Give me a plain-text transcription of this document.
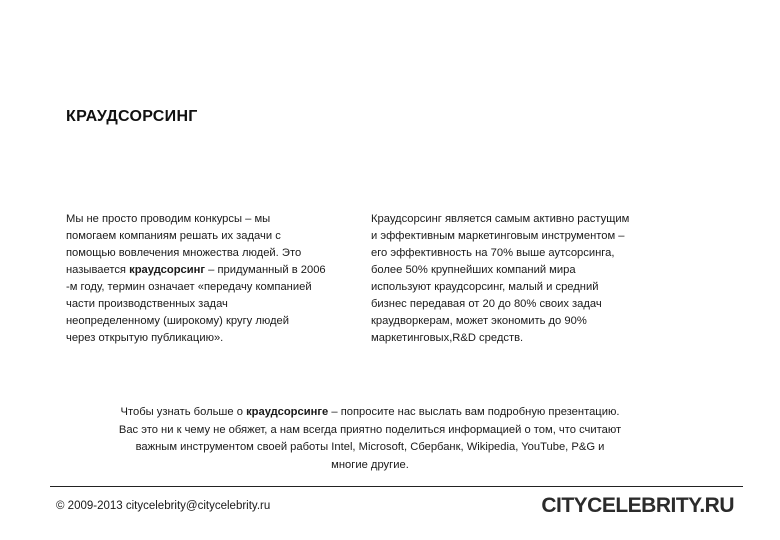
КРАУДСОРСИНГ

Мы не просто проводим конкурсы – мы

помогаем компаниям решать их задачи с

помощью вовлечения множества людей. Это

называется краудсорсинг – придуманный в 2006

-м году, термин означает «передачу компанией

части производственных задач

неопределенному (широкому) кругу людей

через открытую публикацию».

Краудсорсинг является самым активно растущим

и эффективным маркетинговым инструментом –

его эффективность на 70% выше аутсорсинга,

более 50% крупнейших компаний мира

используют краудсорсинг, малый и средний

бизнес передавая от 20 до 80% своих задач

краудворкерам, может экономить до 90%

маркетинговых,R&D средств.

Чтобы узнать больше о краудсорсинге – попросите нас выслать вам подробную презентацию.

Вас это ни к чему не обяжет, а нам всегда приятно поделиться информацией о том, что считают

важным инструментом своей работы Intel, Microsoft, Сбербанк, Wikipedia, YouTube, P&G и

многие другие.

© 2009-2013 citycelebrity@citycelebrity.ru	CITYCELEBRITY.RU
